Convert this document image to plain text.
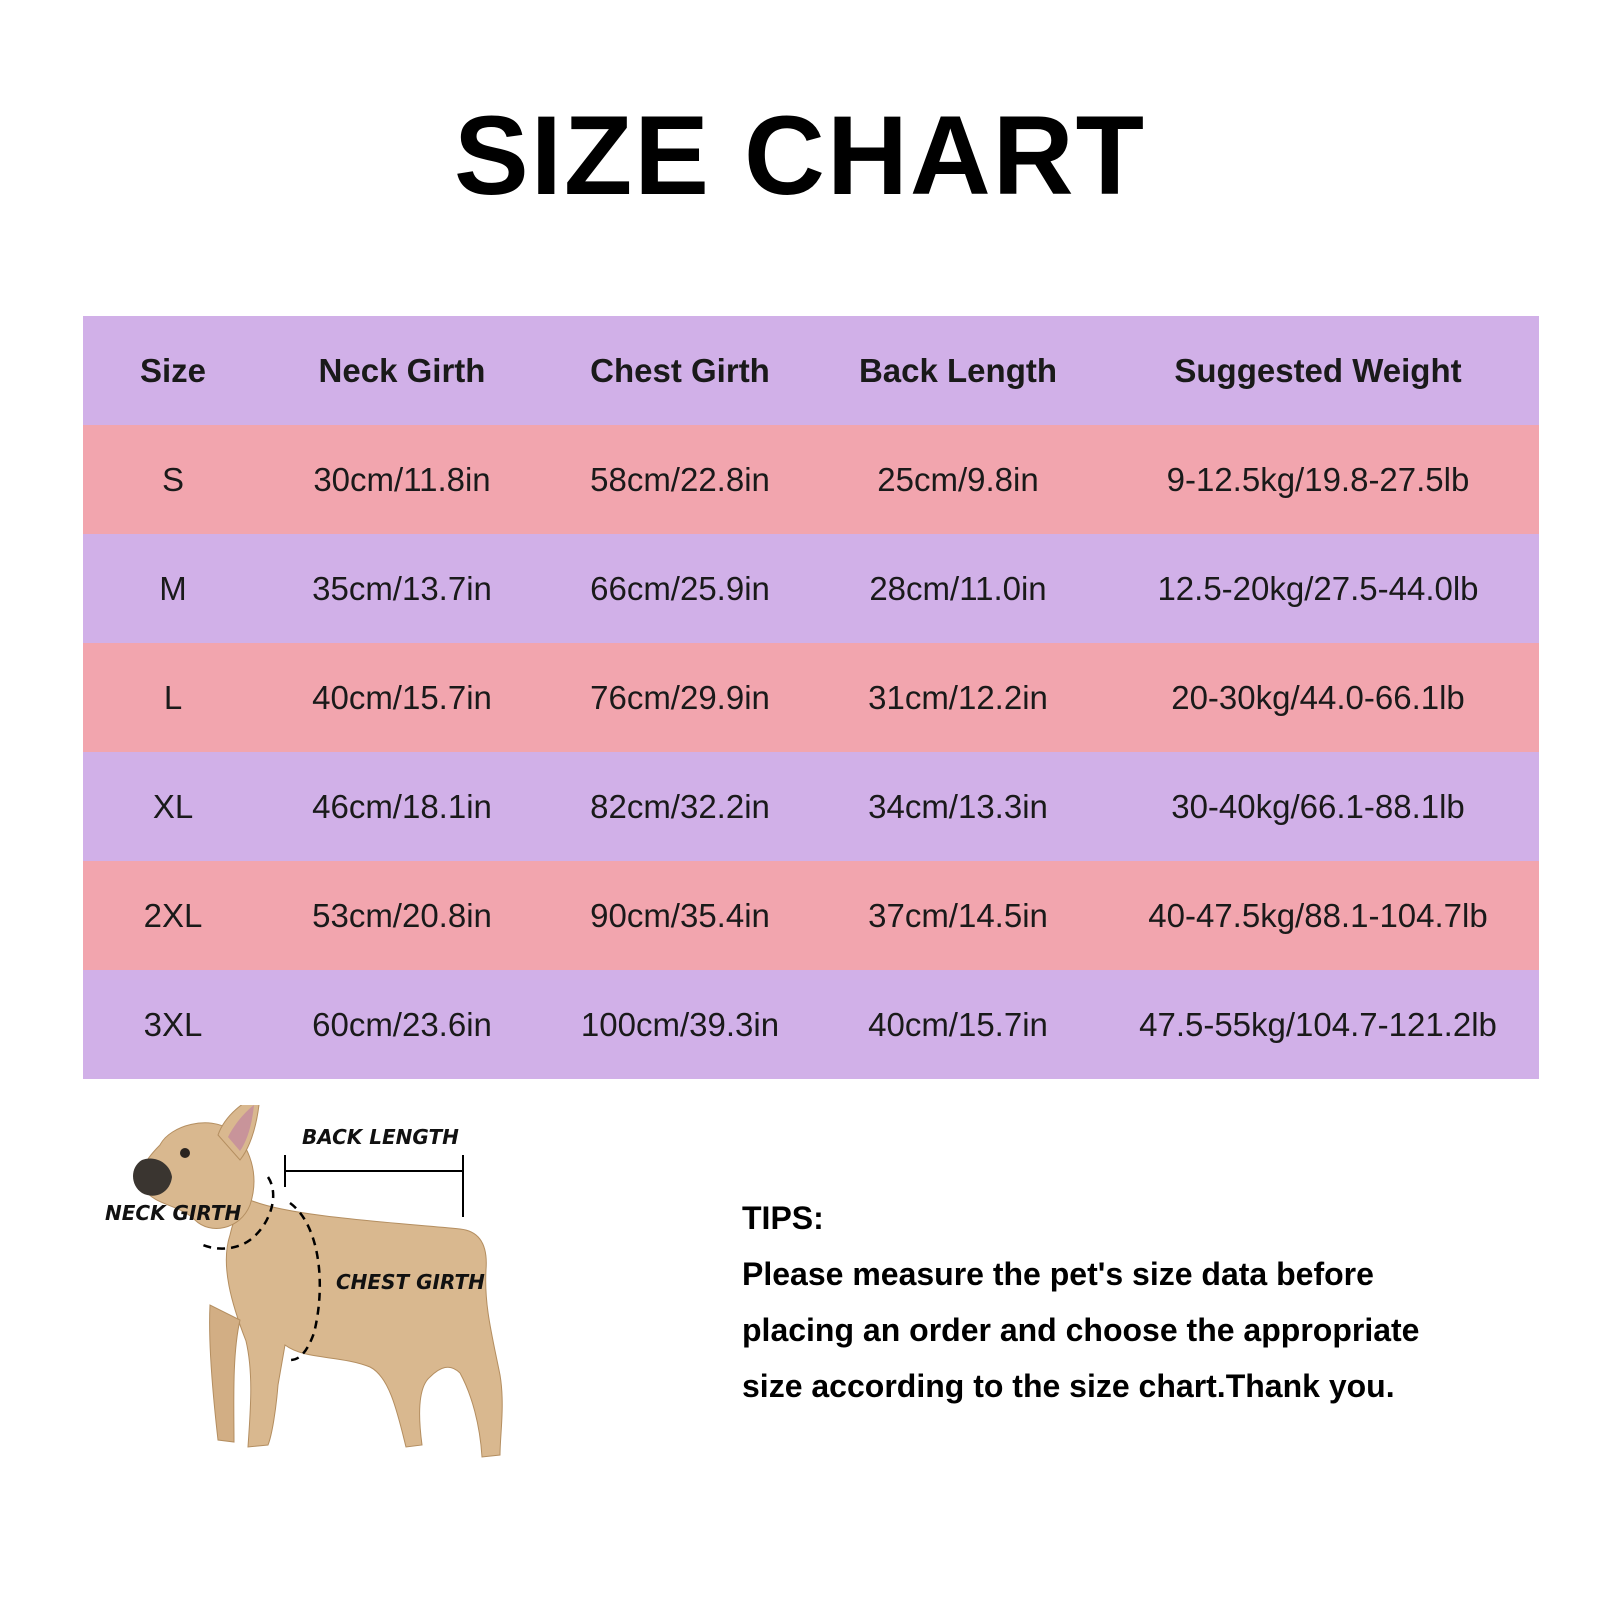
SIZE CHART
Size	Neck Girth	Chest Girth	Back Length	Suggested Weight
S	30cm/11.8in	58cm/22.8in	25cm/9.8in	9-12.5kg/19.8-27.5lb
M	35cm/13.7in	66cm/25.9in	28cm/11.0in	12.5-20kg/27.5-44.0lb
L	40cm/15.7in	76cm/29.9in	31cm/12.2in	20-30kg/44.0-66.1lb
XL	46cm/18.1in	82cm/32.2in	34cm/13.3in	30-40kg/66.1-88.1lb
2XL	53cm/20.8in	90cm/35.4in	37cm/14.5in	40-47.5kg/88.1-104.7lb
3XL	60cm/23.6in	100cm/39.3in	40cm/15.7in	47.5-55kg/104.7-121.2lb
BACK LENGTH
NECK GIRTH
CHEST GIRTH
TIPS:
Please measure the pet's size data before
placing an order and choose the appropriate
size according to the size chart.Thank you.
